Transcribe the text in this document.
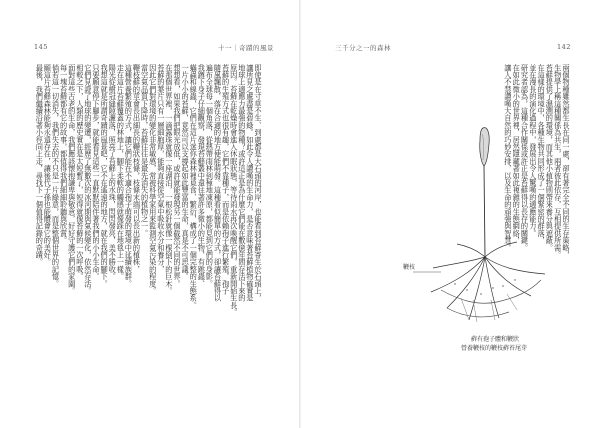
145	十一｜奇蹟的風景
即使是在寸草不生、到處都是大石頭的河岸，也能看到苔蘚寄生於石頭上，
讓所見之處盡是碧綠。如此令人讚嘆的生命力，是否意味著苔蘚植物確實是
地球上適應力最強的物種？或許這正是為什麼它們能在數億年間存活下來的
原因。苔蘚在乾燥時會進入休眠狀態，等待雨水再次喚醒它們，重新開始生長。
苔蘚的生殖方式也很有趣，它們不靠種子，而是依賴孢子進行繁殖，孢子
隨風飄散，落在合適的地方便能萌發。這種看似簡單的方式，卻讓苔蘚得以
遍布全球每一個角落，從熱帶雨林到極地凍原，都能見到它們的身影。
我蹲下身子仔細觀察，發現苔蘚叢中還住著許多微小的生物，有跳蟲、
蟎蟲和線蟲，它們在這片迷你森林裡覓食、繁衍，構成了一個完整的生態系。
一片小小的苔蘚，竟然可以支撐起如此豐富的生命，真是不可思議。
想想看，如果我們把眼光放低，或許就能發現另一個截然不同的世界。
在那個世界裡，一滴露珠就像一座湖泊，一根松針就像一棵倒下的巨木。
苔蘚的葉片只有一層細胞厚，能夠直接從空氣中吸收水分和養分，
因此它們對環境的變化非常敏感，常被科學家用來監測空氣污染的程度。
當空氣品質下降時，苔蘚往往是最先消失的植物之一。
鞭枝蘚的莖會長出細長的鞭狀枝條，枝條末端可以長出新的植株，
這種營養繁殖的方式，讓它們能在不適合孢子萌發的環境中延續族群。
走在這片苔蘚覆蓋的林地上，腳下柔軟的觸感就像踩在地毯上一樣。
陽光從樹冠縫隙灑落，照亮了苔蘚上的水珠，閃閃發亮，美不勝收。
我想這就是所謂奇蹟的風景吧，它不在遙遠的地方，就在我們的腳下。
只要願意停下腳步，就能看見這些一直默默陪伴著我們的小小生命。
它們見證了地球的變遷，經歷了無數次的冰河期與氣候變化，依然存活。
相較之下，人類的歷史實在是太短暫了，短得就像苔蘚的一次呼吸。
面對這些古老的生命，我們應該懷抱謙卑與敬意，好好守護它們的家園。
每一塊苔蘚都有它的故事，都值得我們細細聆聽與欣賞。
倘若這一切消失，我們失去的不只是一片綠意，而是整個世界的記憶。
願這片苔蘚森林能夠永遠存在，讓後代子孫也能體會它的美好。
最後，我們繼續沿著小徑向上走，尋找下一個值得記錄的奇蹟。
三千分之一的森林	142
兩個物種雖然都生長在同一處，卻有著完全不同的生存策略，
生物學上稱這種關係為共生，兩者彼此依存，互相提供所需。
苔蘚提供了濕潤的環境，而其他小植物則帶來養分與遮蔽。
在這樣的環境中，各種生物共同形成了一個緊密的群落，
並在漫長的演化過程中，發展出令人驚嘆的適應能力。
研究者認為，這種合作關係或許正是苔蘚得以長存的關鍵。
在如此微小的世界裡，居然隱藏著如此複雜的生態網絡，
讓人不禁讚嘆大自然的巧妙安排，以及生命的頑強與智慧。
鞭枝
蘚有孢子體和鞭狀
營養鞭枝的鞭枝蘚苔尾芽
